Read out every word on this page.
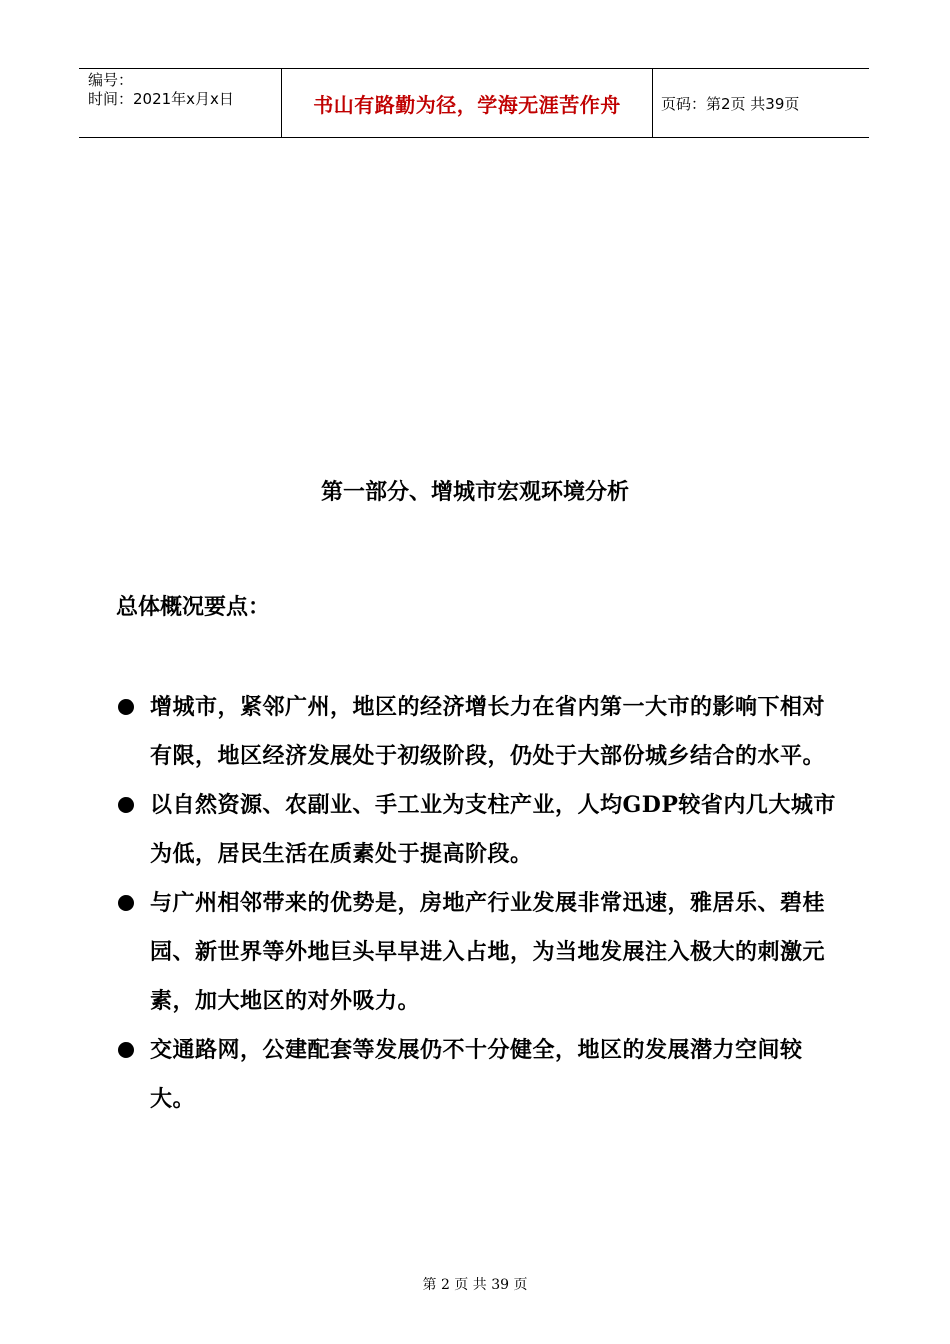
编号：
时间：2021年x月x日	书山有路勤为径，学海无涯苦作舟	页码：第2页 共39页
第一部分、增城市宏观环境分析
总体概况要点：
增城市，紧邻广州，地区的经济增长力在省内第一大市的影响下相对有限，地区经济发展处于初级阶段，仍处于大部份城乡结合的水平。
以自然资源、农副业、手工业为支柱产业，人均GDP较省内几大城市为低，居民生活在质素处于提高阶段。
与广州相邻带来的优势是，房地产行业发展非常迅速，雅居乐、碧桂园、新世界等外地巨头早早进入占地，为当地发展注入极大的刺激元素，加大地区的对外吸力。
交通路网，公建配套等发展仍不十分健全，地区的发展潜力空间较大。
第 2 页 共 39 页
